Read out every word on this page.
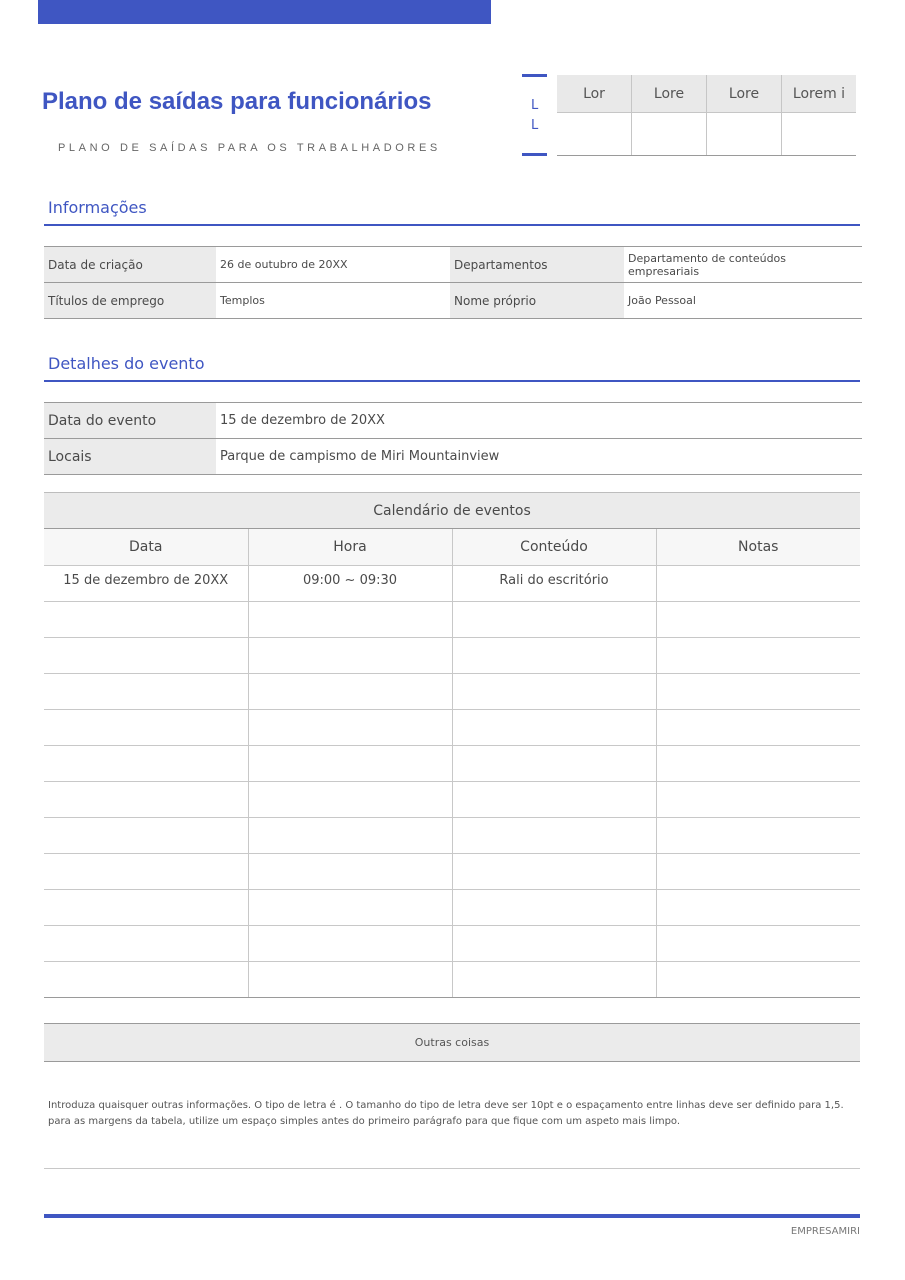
Plano de saídas para funcionários
PLANO DE SAÍDAS PARA OS TRABALHADORES
L
L
Lor	Lore	Lore	Lorem i

Informações
Data de criação	26 de outubro de 20XX	Departamentos	Departamento de conteúdos empresariais
Títulos de emprego	Templos	Nome próprio	João Pessoal
Detalhes do evento
Data do evento	15 de dezembro de 20XX
Locais	Parque de campismo de Miri Mountainview
Calendário de eventos			
Data	Hora	Conteúdo	Notas
15 de dezembro de 20XX	09:00 ~ 09:30	Rali do escritório	

Outras coisas

Introduza quaisquer outras informações. O tipo de letra é . O tamanho do tipo de letra deve ser 10pt e o espaçamento entre linhas deve ser definido para 1,5. para as margens da tabela, utilize um espaço simples antes do primeiro parágrafo para que fique com um aspeto mais limpo.

EMPRESAMIRI
